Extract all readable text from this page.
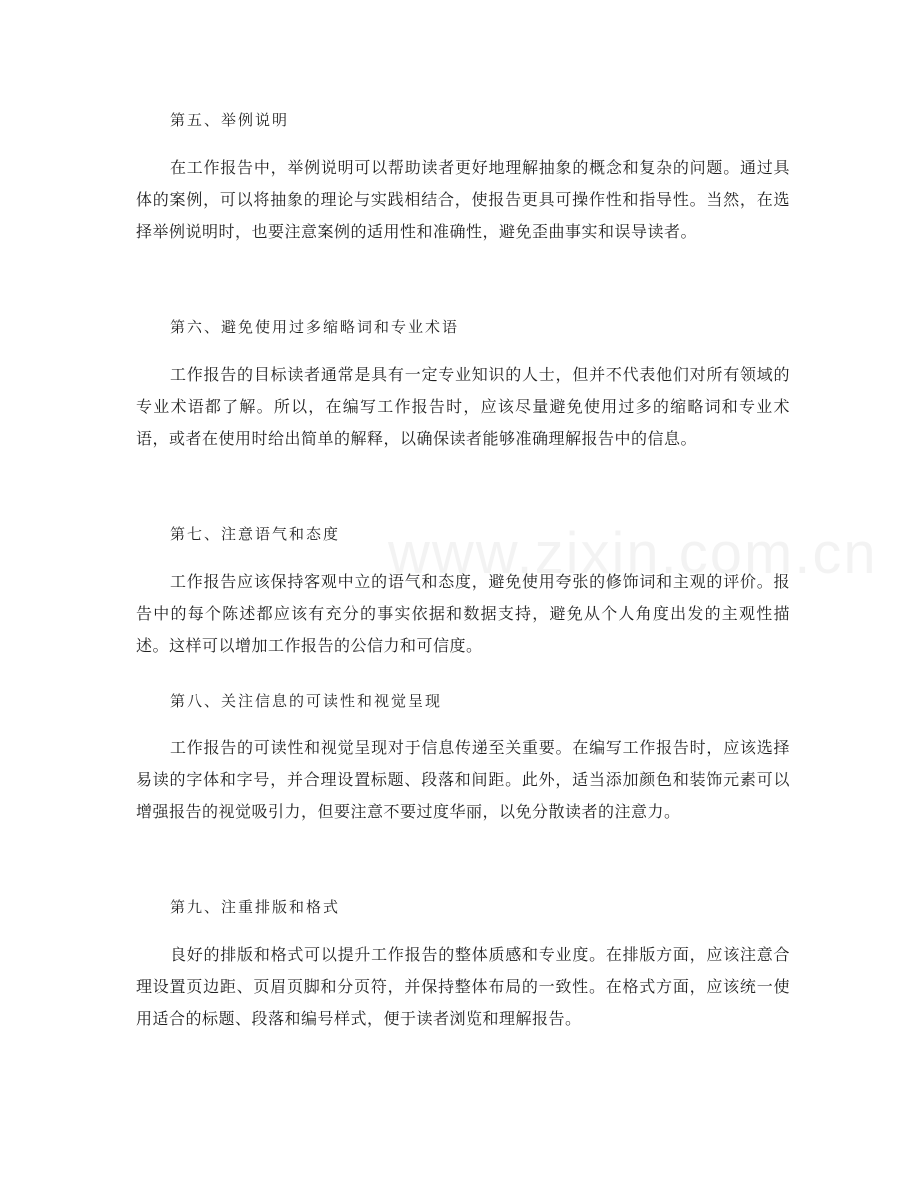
第五、举例说明
在工作报告中，举例说明可以帮助读者更好地理解抽象的概念和复杂的问题。通过具体的案例，可以将抽象的理论与实践相结合，使报告更具可操作性和指导性。当然，在选择举例说明时，也要注意案例的适用性和准确性，避免歪曲事实和误导读者。
第六、避免使用过多缩略词和专业术语
工作报告的目标读者通常是具有一定专业知识的人士，但并不代表他们对所有领域的专业术语都了解。所以，在编写工作报告时，应该尽量避免使用过多的缩略词和专业术语，或者在使用时给出简单的解释，以确保读者能够准确理解报告中的信息。
第七、注意语气和态度
工作报告应该保持客观中立的语气和态度，避免使用夸张的修饰词和主观的评价。报告中的每个陈述都应该有充分的事实依据和数据支持，避免从个人角度出发的主观性描述。这样可以增加工作报告的公信力和可信度。
第八、关注信息的可读性和视觉呈现
工作报告的可读性和视觉呈现对于信息传递至关重要。在编写工作报告时，应该选择易读的字体和字号，并合理设置标题、段落和间距。此外，适当添加颜色和装饰元素可以增强报告的视觉吸引力，但要注意不要过度华丽，以免分散读者的注意力。
第九、注重排版和格式
良好的排版和格式可以提升工作报告的整体质感和专业度。在排版方面，应该注意合理设置页边距、页眉页脚和分页符，并保持整体布局的一致性。在格式方面，应该统一使用适合的标题、段落和编号样式，便于读者浏览和理解报告。
